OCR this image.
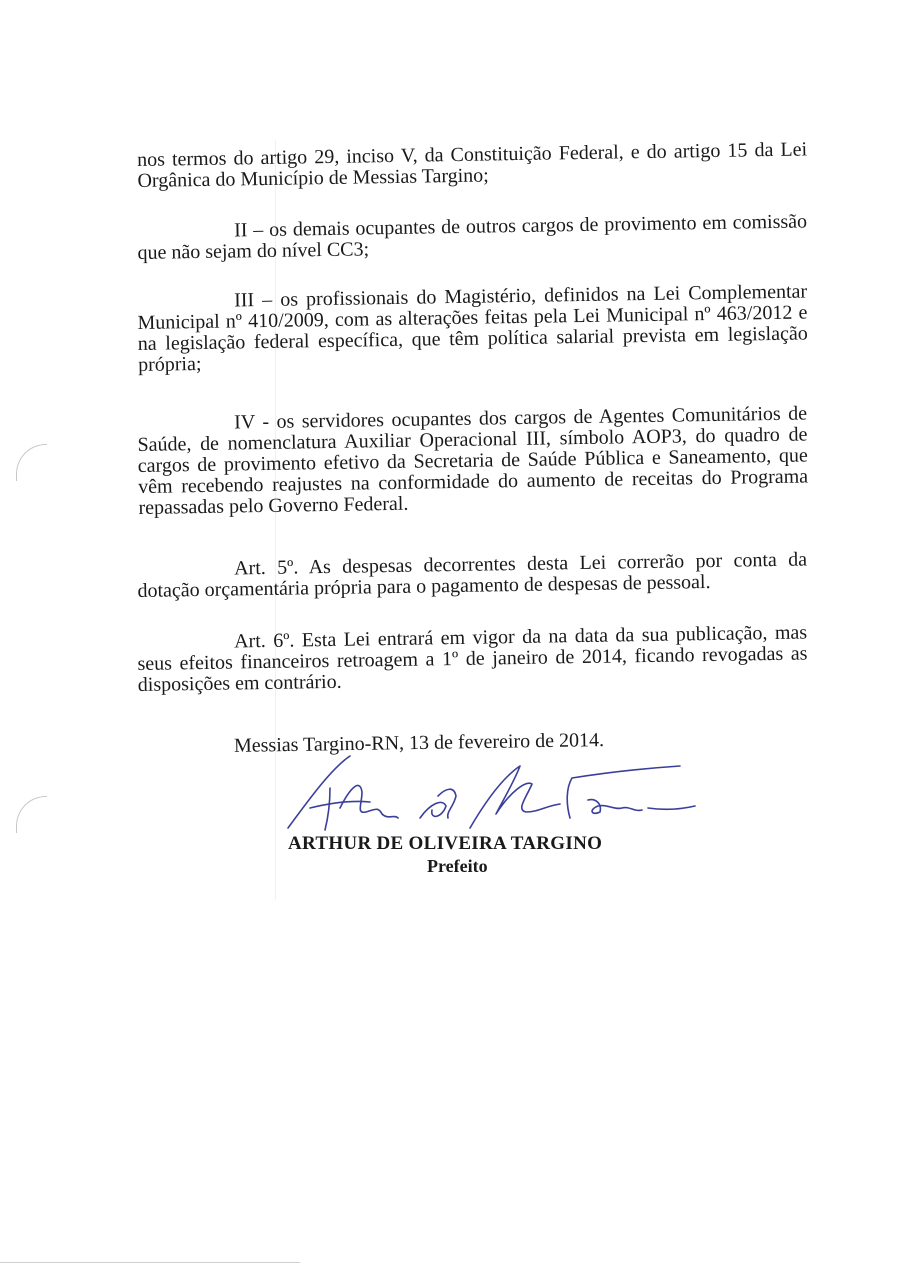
nos termos do artigo 29, inciso V, da Constituição Federal, e do artigo 15 da Lei Orgânica do Município de Messias Targino;
II – os demais ocupantes de outros cargos de provimento em comissão que não sejam do nível CC3;
III – os profissionais do Magistério, definidos na Lei Complementar Municipal nº 410/2009, com as alterações feitas pela Lei Municipal nº 463/2012 e na legislação federal específica, que têm política salarial prevista em legislação própria;
IV - os servidores ocupantes dos cargos de Agentes Comunitários de Saúde, de nomenclatura Auxiliar Operacional III, símbolo AOP3, do quadro de cargos de provimento efetivo da Secretaria de Saúde Pública e Saneamento, que vêm recebendo reajustes na conformidade do aumento de receitas do Programa repassadas pelo Governo Federal.
Art. 5º. As despesas decorrentes desta Lei correrão por conta da dotação orçamentária própria para o pagamento de despesas de pessoal.
Art. 6º. Esta Lei entrará em vigor da na data da sua publicação, mas seus efeitos financeiros retroagem a 1º de janeiro de 2014, ficando revogadas as disposições em contrário.
Messias Targino-RN, 13 de fevereiro de 2014.
ARTHUR DE OLIVEIRA TARGINO
Prefeito
